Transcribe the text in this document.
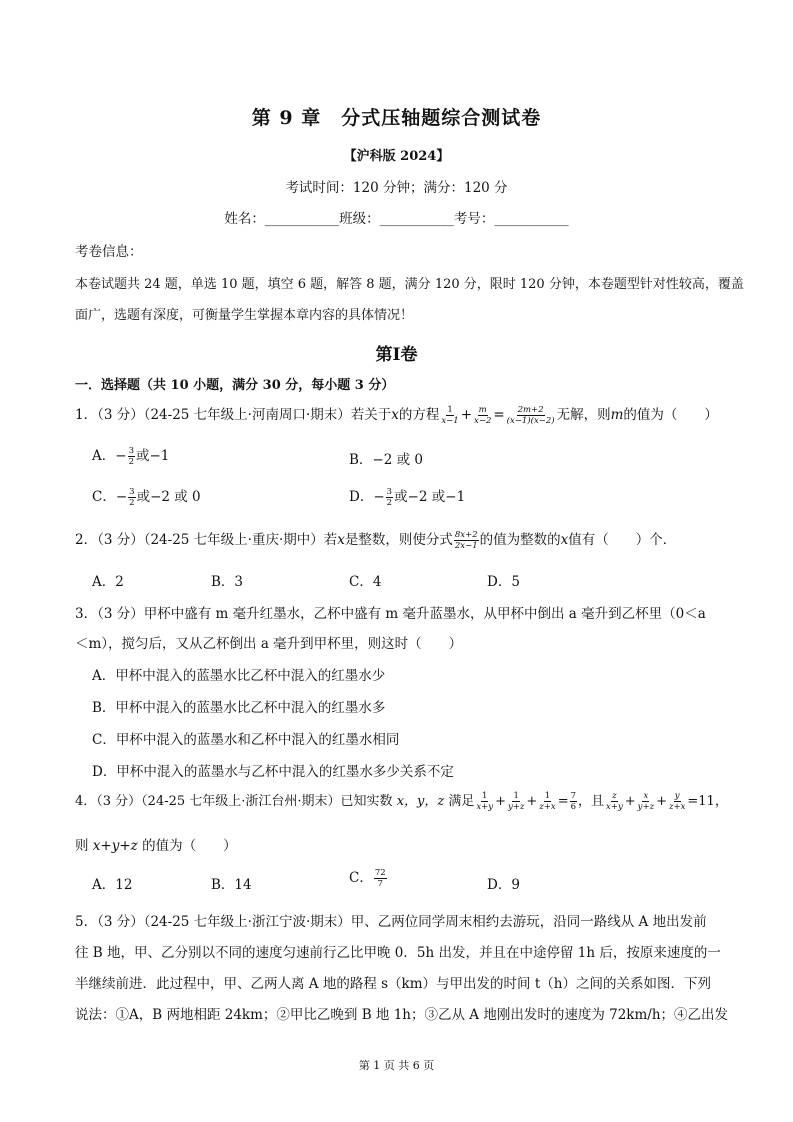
第 9 章　分式压轴题综合测试卷
【沪科版 2024】
考试时间：120 分钟；满分：120 分
姓名：___________班级：___________考号：___________
考卷信息：
本卷试题共 24 题，单选 10 题，填空 6 题，解答 8 题，满分 120 分，限时 120 分钟，本卷题型针对性较高，覆盖
面广，选题有深度，可衡量学生掌握本章内容的具体情况！
第Ⅰ卷
一．选择题（共 10 小题，满分 30 分，每小题 3 分）
1．（3 分）（24-25 七年级上·河南周口·期末）若关于x的方程 $\frac{1}{x-1} + \frac{m}{x-2} = \frac{2m+2}{(x-1)(x-2)}$ 无解，则m的值为（　　）
A．− $\frac{3}{2}$ 或−1	B．−2 或 0
C．− $\frac{3}{2}$ 或−2 或 0	D．− $\frac{3}{2}$ 或−2 或−1
2．（3 分）（24-25 七年级上·重庆·期中）若x是整数，则使分式 $\frac{8x+2}{2x-1}$ 的值为整数的x值有（　　）个．
A．2	B．3	C．4	D．5
3．（3 分）甲杯中盛有 m 毫升红墨水，乙杯中盛有 m 毫升蓝墨水，从甲杯中倒出 a 毫升到乙杯里（0＜a
＜m），搅匀后，又从乙杯倒出 a 毫升到甲杯里，则这时（　　）
A．甲杯中混入的蓝墨水比乙杯中混入的红墨水少
B．甲杯中混入的蓝墨水比乙杯中混入的红墨水多
C．甲杯中混入的蓝墨水和乙杯中混入的红墨水相同
D．甲杯中混入的蓝墨水与乙杯中混入的红墨水多少关系不定
4．（3 分）（24-25 七年级上·浙江台州·期末）已知实数 x，y，z 满足 $\frac{1}{x+y} + \frac{1}{y+z} + \frac{1}{z+x} = \frac{7}{6}$ ，且 $\frac{z}{x+y} + \frac{x}{y+z} + \frac{y}{z+x} =11$，
则 x+y+z 的值为（　　）
A．12	B．14	C． $\frac{72}{7}$	D．9
5．（3 分）（24-25 七年级上·浙江宁波·期末）甲、乙两位同学周末相约去游玩，沿同一路线从 A 地出发前
往 B 地，甲、乙分别以不同的速度匀速前行乙比甲晚 0．5h 出发，并且在中途停留 1h 后，按原来速度的一
半继续前进．此过程中，甲、乙两人离 A 地的路程 s（km）与甲出发的时间 t（h）之间的关系如图．下列
说法：①A，B 两地相距 24km；②甲比乙晚到 B 地 1h；③乙从 A 地刚出发时的速度为 72km/h；④乙出发
第 1 页 共 6 页
